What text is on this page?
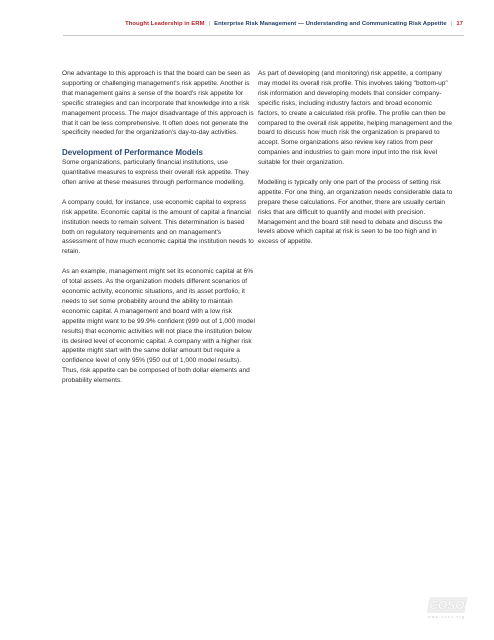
Thought Leadership in ERM | Enterprise Risk Management — Understanding and Communicating Risk Appetite | 17

One advantage to this approach is that the board can be seen as supporting or challenging management's risk appetite. Another is that management gains a sense of the board's risk appetite for specific strategies and can incorporate that knowledge into a risk management process. The major disadvantage of this approach is that it can be less comprehensive. It often does not generate the specificity needed for the organization's day-to-day activities.

Development of Performance Models

Some organizations, particularly financial institutions, use quantitative measures to express their overall risk appetite. They often arrive at these measures through performance modelling.

A company could, for instance, use economic capital to express risk appetite. Economic capital is the amount of capital a financial institution needs to remain solvent. This determination is based both on regulatory requirements and on management's assessment of how much economic capital the institution needs to retain.

As an example, management might set its economic capital at 6% of total assets. As the organization models different scenarios of economic activity, economic situations, and its asset portfolio, it needs to set some probability around the ability to maintain economic capital. A management and board with a low risk appetite might want to be 99.9% confident (999 out of 1,000 model results) that economic activities will not place the institution below its desired level of economic capital. A company with a higher risk appetite might start with the same dollar amount but require a confidence level of only 95% (950 out of 1,000 model results). Thus, risk appetite can be composed of both dollar elements and probability elements.

As part of developing (and monitoring) risk appetite, a company may model its overall risk profile. This involves taking "bottom-up" risk information and developing models that consider company-specific risks, including industry factors and broad economic factors, to create a calculated risk profile. The profile can then be compared to the overall risk appetite, helping management and the board to discuss how much risk the organization is prepared to accept. Some organizations also review key ratios from peer companies and industries to gain more input into the risk level suitable for their organization.

Modelling is typically only one part of the process of setting risk appetite. For one thing, an organization needs considerable data to prepare these calculations. For another, there are usually certain risks that are difficult to quantify and model with precision. Management and the board still need to debate and discuss the levels above which capital at risk is seen to be too high and in excess of appetite.

COSO
www.coso.org
